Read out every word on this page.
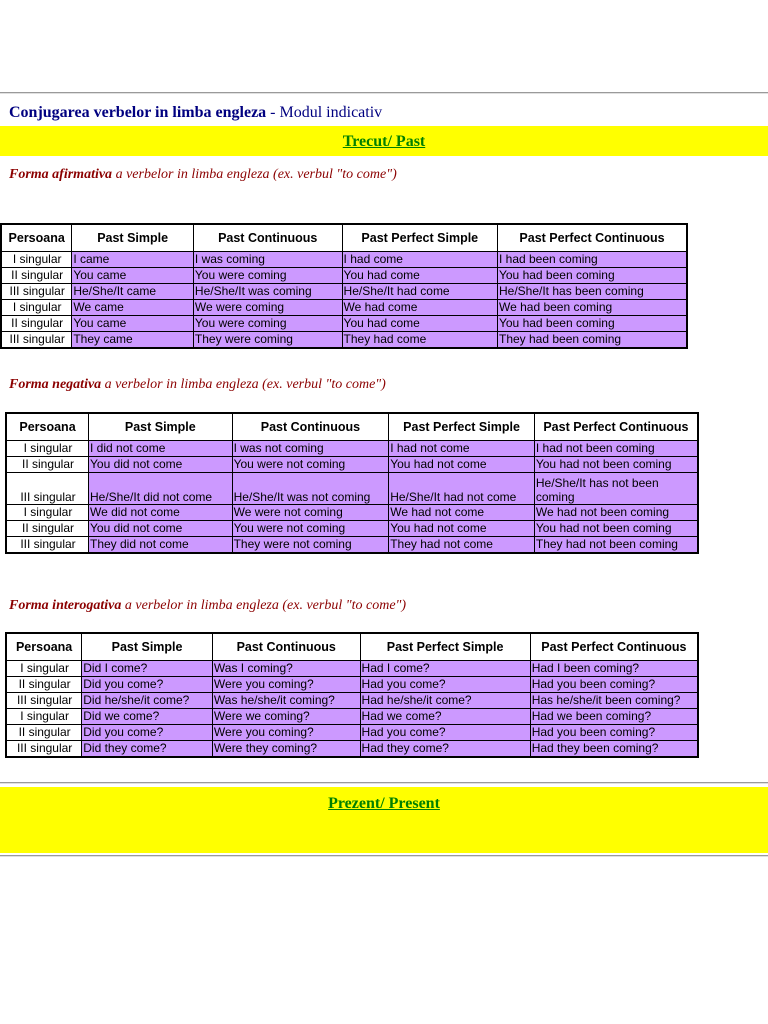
Conjugarea verbelor in limba engleza - Modul indicativ
Trecut/ Past
Forma afirmativa a verbelor in limba engleza (ex. verbul "to come")
Persoana	Past Simple	Past Continuous	Past Perfect Simple	Past Perfect Continuous
I singular	I came	I was coming	I had come	I had been coming
II singular	You came	You were coming	You had come	You had been coming
III singular	He/She/It came	He/She/It was coming	He/She/It had come	He/She/It has been coming
I singular	We came	We were coming	We had come	We had been coming
II singular	You came	You were coming	You had come	You had been coming
III singular	They came	They were coming	They had come	They had been coming
Forma negativa a verbelor in limba engleza (ex. verbul "to come")
Persoana	Past Simple	Past Continuous	Past Perfect Simple	Past Perfect Continuous
I singular	I did not come	I was not coming	I had not come	I had not been coming
II singular	You did not come	You were not coming	You had not come	You had not been coming
III singular	He/She/It did not come	He/She/It was not coming	He/She/It had not come	He/She/It has not been coming
I singular	We did not come	We were not coming	We had not come	We had not been coming
II singular	You did not come	You were not coming	You had not come	You had not been coming
III singular	They did not come	They were not coming	They had not come	They had not been coming
Forma interogativa a verbelor in limba engleza (ex. verbul "to come")
Persoana	Past Simple	Past Continuous	Past Perfect Simple	Past Perfect Continuous
I singular	Did I come?	Was I coming?	Had I come?	Had I been coming?
II singular	Did you come?	Were you coming?	Had you come?	Had you been coming?
III singular	Did he/she/it come?	Was he/she/it coming?	Had he/she/it come?	Has he/she/it been coming?
I singular	Did we come?	Were we coming?	Had we come?	Had we been coming?
II singular	Did you come?	Were you coming?	Had you come?	Had you been coming?
III singular	Did they come?	Were they coming?	Had they come?	Had they been coming?
Prezent/ Present
